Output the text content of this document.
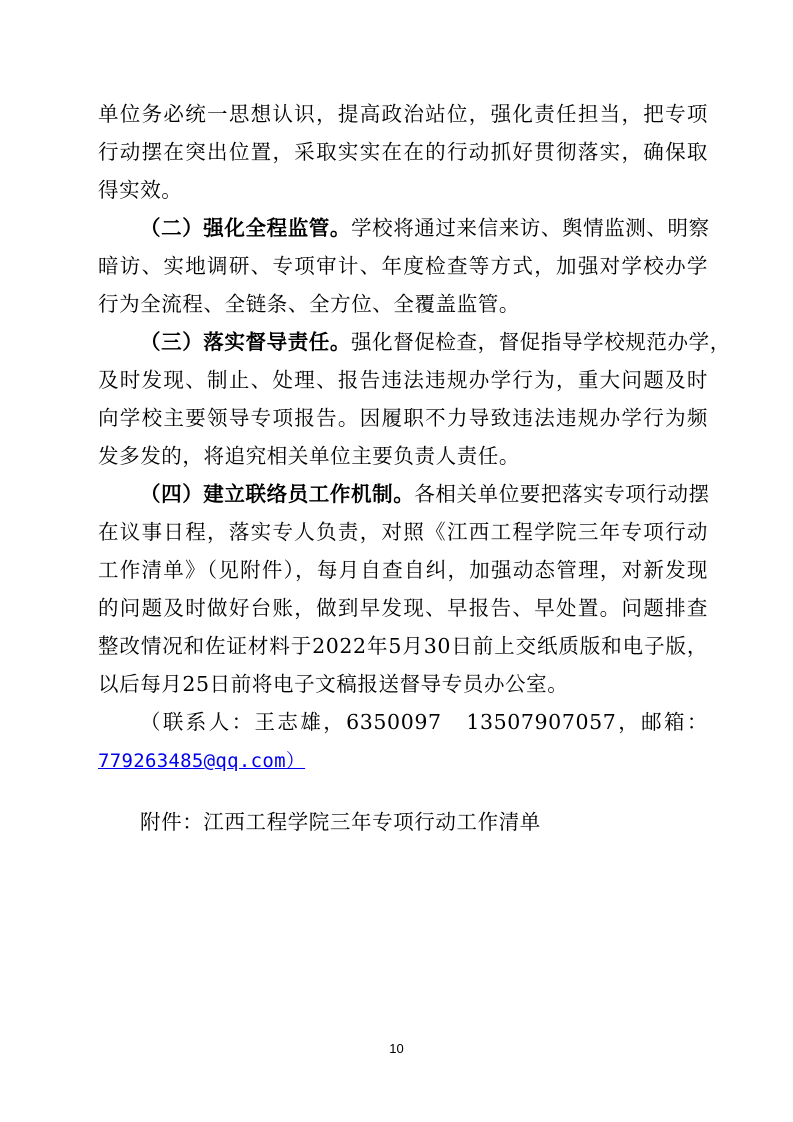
单位务必统一思想认识，提高政治站位，强化责任担当，把专项
行动摆在突出位置，采取实实在在的行动抓好贯彻落实，确保取
得实效。
（二）强化全程监管。学校将通过来信来访、舆情监测、明察
暗访、实地调研、专项审计、年度检查等方式，加强对学校办学
行为全流程、全链条、全方位、全覆盖监管。
（三）落实督导责任。强化督促检查，督促指导学校规范办学，
及时发现、制止、处理、报告违法违规办学行为，重大问题及时
向学校主要领导专项报告。因履职不力导致违法违规办学行为频
发多发的，将追究相关单位主要负责人责任。
（四）建立联络员工作机制。各相关单位要把落实专项行动摆
在议事日程，落实专人负责，对照《江西工程学院三年专项行动
工作清单》（见附件），每月自查自纠，加强动态管理，对新发现
的问题及时做好台账，做到早发现、早报告、早处置。问题排查
整改情况和佐证材料于2022年5月30日前上交纸质版和电子版，
以后每月25日前将电子文稿报送督导专员办公室。
（联系人：王志雄，6350097　13507907057，邮箱：
779263485@qq.com）
附件：江西工程学院三年专项行动工作清单
10
